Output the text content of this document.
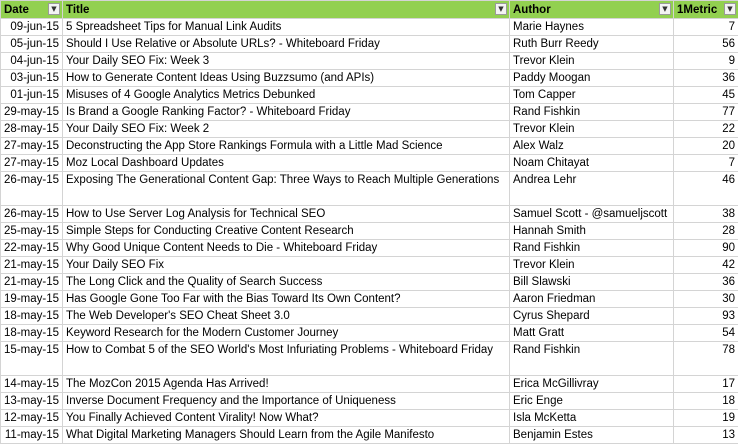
Date ▼	Title ▼	Author ▼	1Metric ▼

09-jun-15	5 Spreadsheet Tips for Manual Link Audits	Marie Haynes	7
05-jun-15	Should I Use Relative or Absolute URLs? - Whiteboard Friday	Ruth Burr Reedy	56
04-jun-15	Your Daily SEO Fix: Week 3	Trevor Klein	9
03-jun-15	How to Generate Content Ideas Using Buzzsumo (and APIs)	Paddy Moogan	36
01-jun-15	Misuses of 4 Google Analytics Metrics Debunked	Tom Capper	45
29-may-15	Is Brand a Google Ranking Factor? - Whiteboard Friday	Rand Fishkin	77
28-may-15	Your Daily SEO Fix: Week 2	Trevor Klein	22
27-may-15	Deconstructing the App Store Rankings Formula with a Little Mad Science	Alex Walz	20
27-may-15	Moz Local Dashboard Updates	Noam Chitayat	7
26-may-15	Exposing The Generational Content Gap: Three Ways to Reach Multiple Generations	Andrea Lehr	46
26-may-15	How to Use Server Log Analysis for Technical SEO	Samuel Scott - @samueljscott	38
25-may-15	Simple Steps for Conducting Creative Content Research	Hannah Smith	28
22-may-15	Why Good Unique Content Needs to Die - Whiteboard Friday	Rand Fishkin	90
21-may-15	Your Daily SEO Fix	Trevor Klein	42
21-may-15	The Long Click and the Quality of Search Success	Bill Slawski	36
19-may-15	Has Google Gone Too Far with the Bias Toward Its Own Content?	Aaron Friedman	30
18-may-15	The Web Developer's SEO Cheat Sheet 3.0	Cyrus Shepard	93
18-may-15	Keyword Research for the Modern Customer Journey	Matt Gratt	54
15-may-15	How to Combat 5 of the SEO World's Most Infuriating Problems - Whiteboard Friday	Rand Fishkin	78
14-may-15	The MozCon 2015 Agenda Has Arrived!	Erica McGillivray	17
13-may-15	Inverse Document Frequency and the Importance of Uniqueness	Eric Enge	18
12-may-15	You Finally Achieved Content Virality! Now What?	Isla McKetta	19
11-may-15	What Digital Marketing Managers Should Learn from the Agile Manifesto	Benjamin Estes	13
